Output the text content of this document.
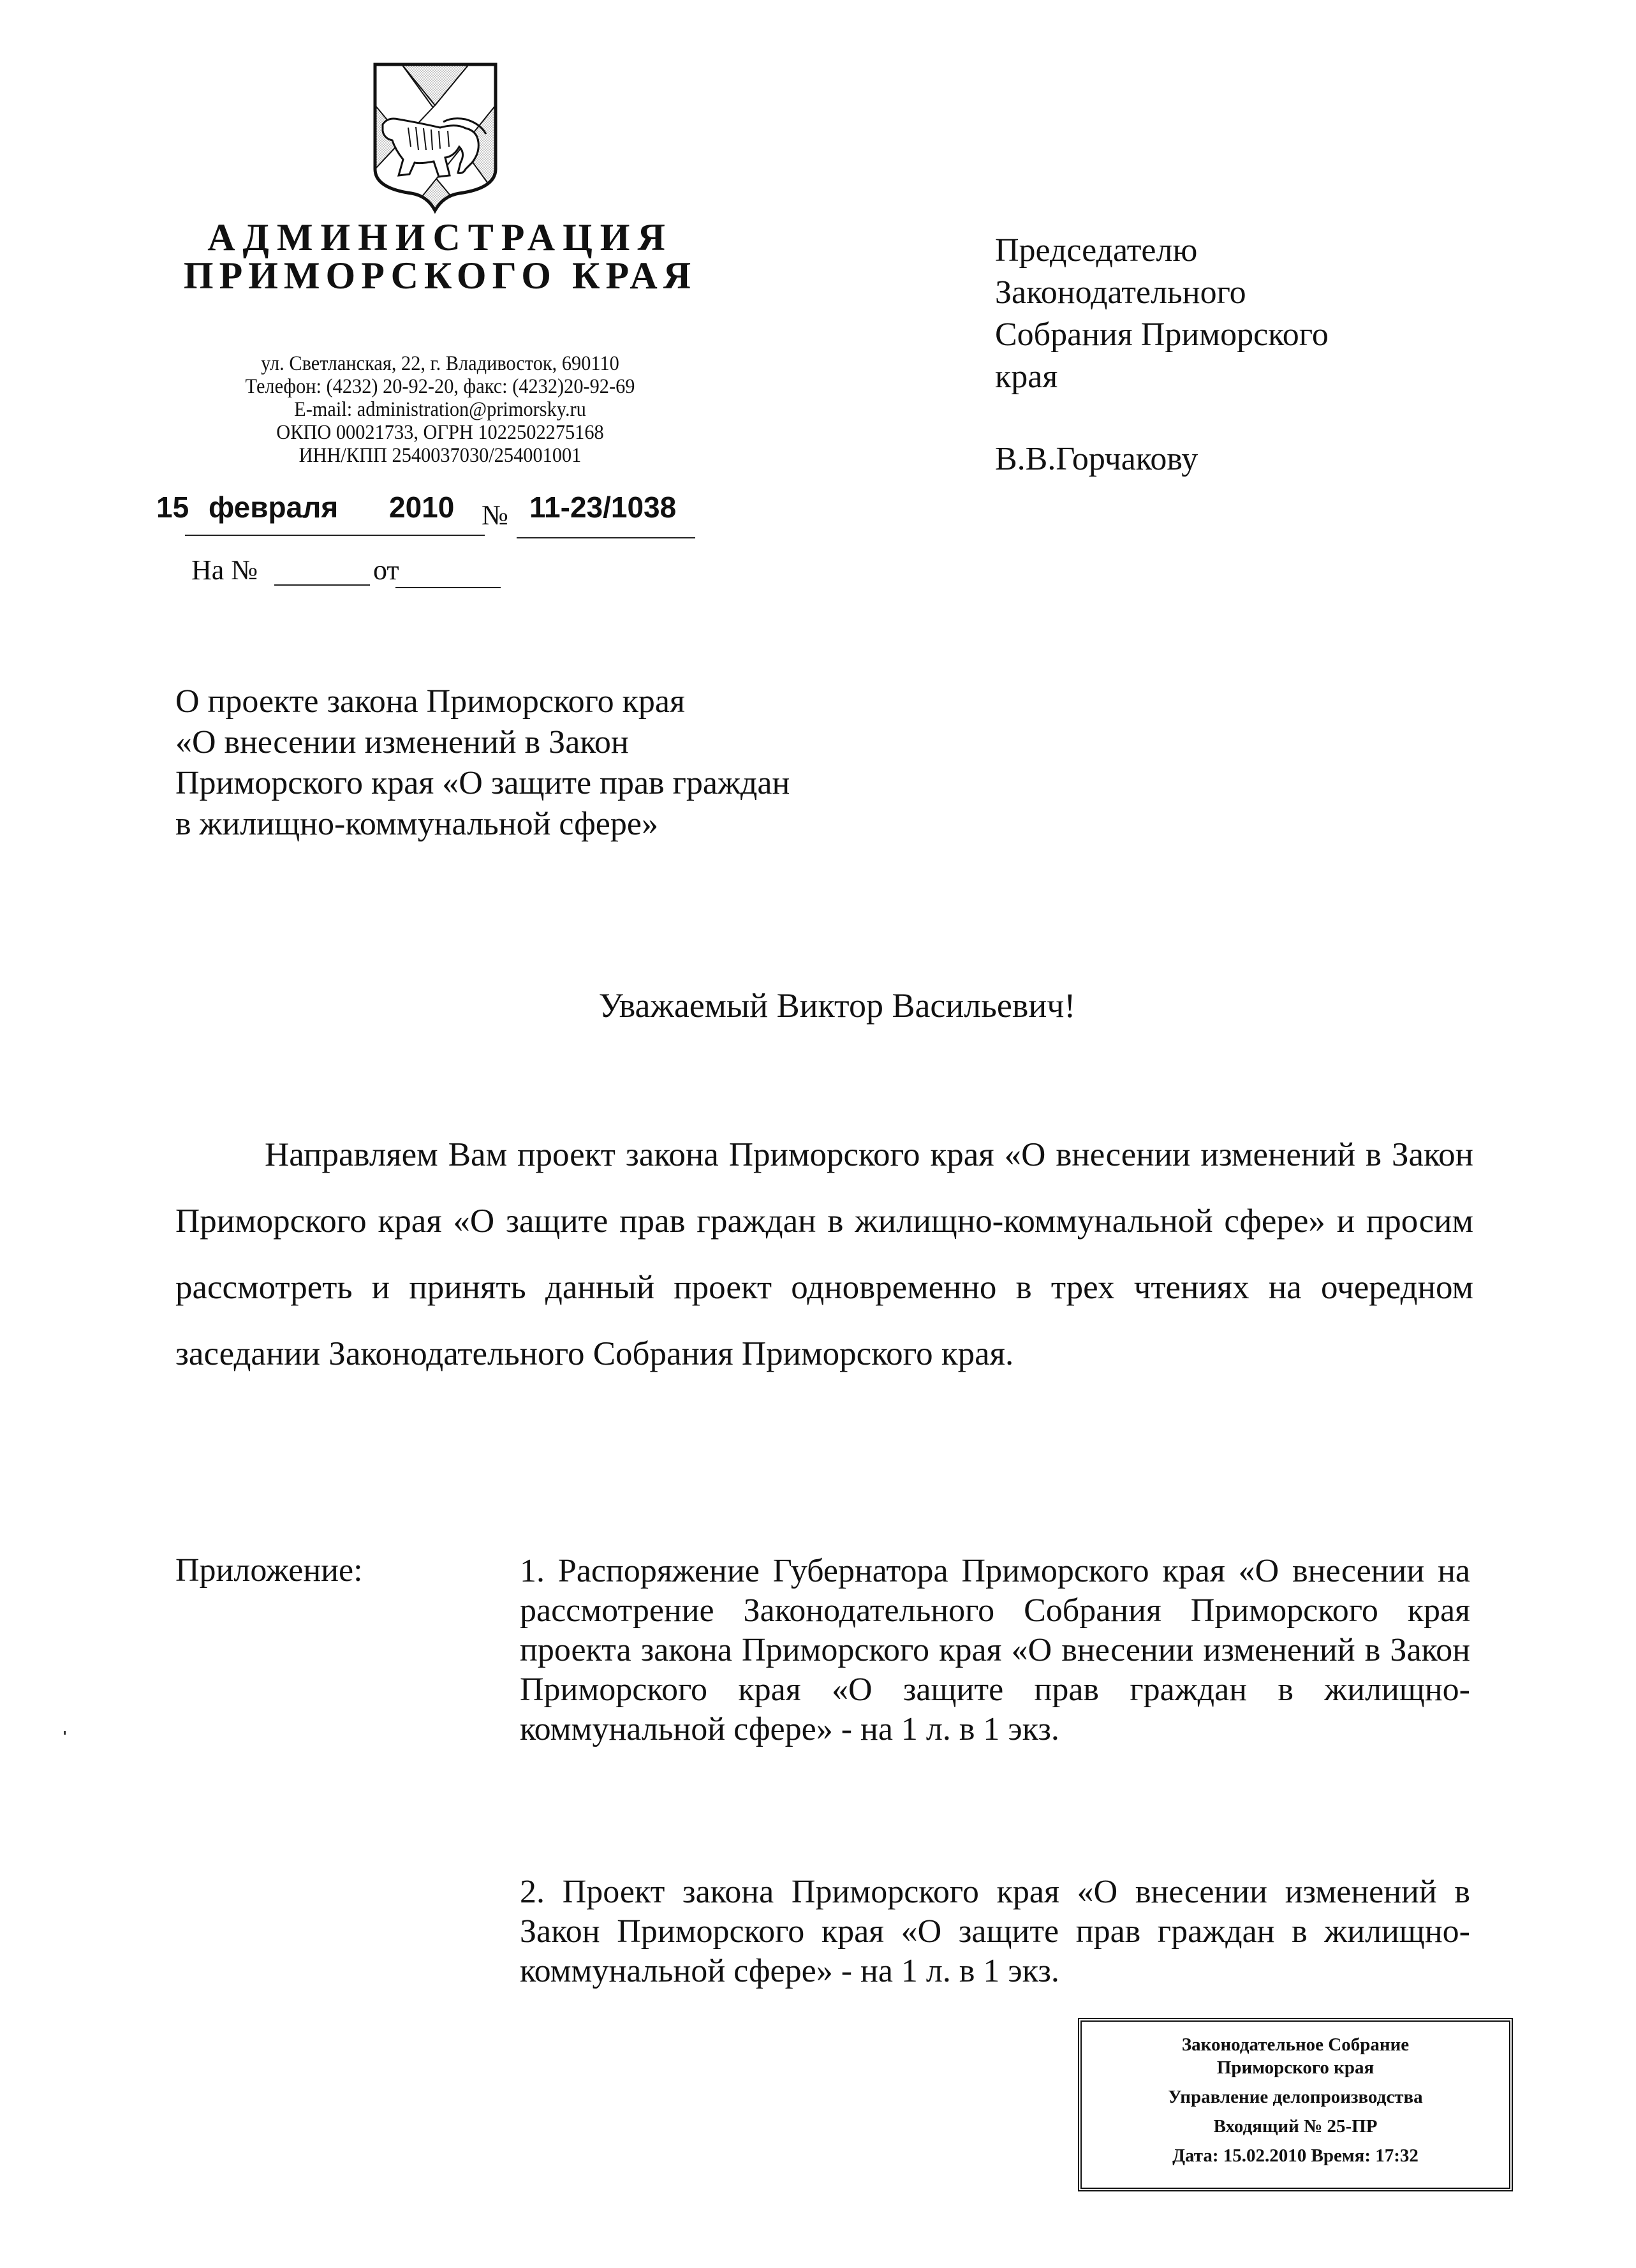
АДМИНИСТРАЦИЯ
ПРИМОРСКОГО КРАЯ
ул. Светланская, 22, г. Владивосток, 690110
Телефон: (4232) 20-92-20, факс: (4232)20-92-69
E-mail: administration@primorsky.ru
ОКПО 00021733, ОГРН 1022502275168
ИНН/КПП 2540037030/254001001
15 февраля 2010 № 11-23/1038
На №	от
Председателю
Законодательного
Собрания Приморского
края
В.В.Горчакову
О проекте закона Приморского края
«О внесении изменений в Закон
Приморского края «О защите прав граждан
в жилищно-коммунальной сфере»
Уважаемый Виктор Васильевич!
Направляем Вам проект закона Приморского края «О внесении изменений в Закон Приморского края «О защите прав граждан в жилищно-коммунальной сфере» и просим рассмотреть и принять данный проект одновременно в трех чтениях на очередном заседании Законодательного Собрания Приморского края.
Приложение:	1. Распоряжение Губернатора Приморского края «О внесении на рассмотрение Законодательного Собрания Приморского края проекта закона Приморского края «О внесении изменений в Закон Приморского края «О защите прав граждан в жилищно-коммунальной сфере» - на 1 л. в 1 экз.
2. Проект закона Приморского края «О внесении изменений в Закон Приморского края «О защите прав граждан в жилищно-коммунальной сфере» - на 1 л. в 1 экз.
Законодательное Собрание
Приморского края
Управление делопроизводства
Входящий № 25-ПР
Дата: 15.02.2010 Время: 17:32
